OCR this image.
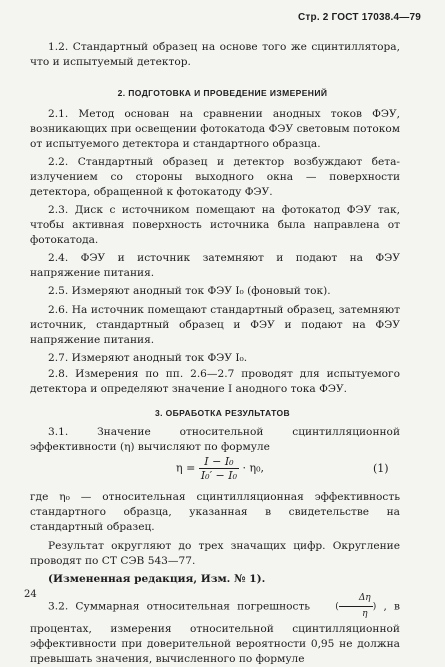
Стр. 2 ГОСТ 17038.4—79

1.2. Стандартный образец на основе того же сцинтиллятора, что и испытуемый детектор.

2. ПОДГОТОВКА И ПРОВЕДЕНИЕ ИЗМЕРЕНИЙ

2.1. Метод основан на сравнении анодных токов ФЭУ, возникающих при освещении фотокатода ФЭУ световым потоком от испытуемого детектора и стандартного образца.

2.2. Стандартный образец и детектор возбуждают бета-излучением со стороны выходного окна — поверхности детектора, обращенной к фотокатоду ФЭУ.

2.3. Диск с источником помещают на фотокатод ФЭУ так, чтобы активная поверхность источника была направлена от фотокатода.

2.4. ФЭУ и источник затемняют и подают на ФЭУ напряжение питания.

2.5. Измеряют анодный ток ФЭУ I₀ (фоновый ток).

2.6. На источник помещают стандартный образец, затемняют источник, стандартный образец и ФЭУ и подают на ФЭУ напряжение питания.

2.7. Измеряют анодный ток ФЭУ I₀.

2.8. Измерения по пп. 2.6—2.7 проводят для испытуемого детектора и определяют значение I анодного тока ФЭУ.

3. ОБРАБОТКА РЕЗУЛЬТАТОВ

3.1. Значение относительной сцинтилляционной эффективности (η) вычисляют по формуле

$\eta = \frac{\text{I − I₀}}{\text{I₀′ − I₀}} \cdot \eta_0$,	(1)

где η₀ — относительная сцинтилляционная эффективность стандартного образца, указанная в свидетельстве на стандартный образец.

Результат округляют до трех значащих цифр. Округление проводят по СТ СЭВ 543—77.

(Измененная редакция, Изм. № 1).

3.2. Суммарная относительная погрешность	( $\frac{\Delta\eta}{\eta}$ ) , в процентах, измерения относительной сцинтилляционной эффективности при доверительной вероятности 0,95 не должна превышать значения, вычисленного по формуле
24
